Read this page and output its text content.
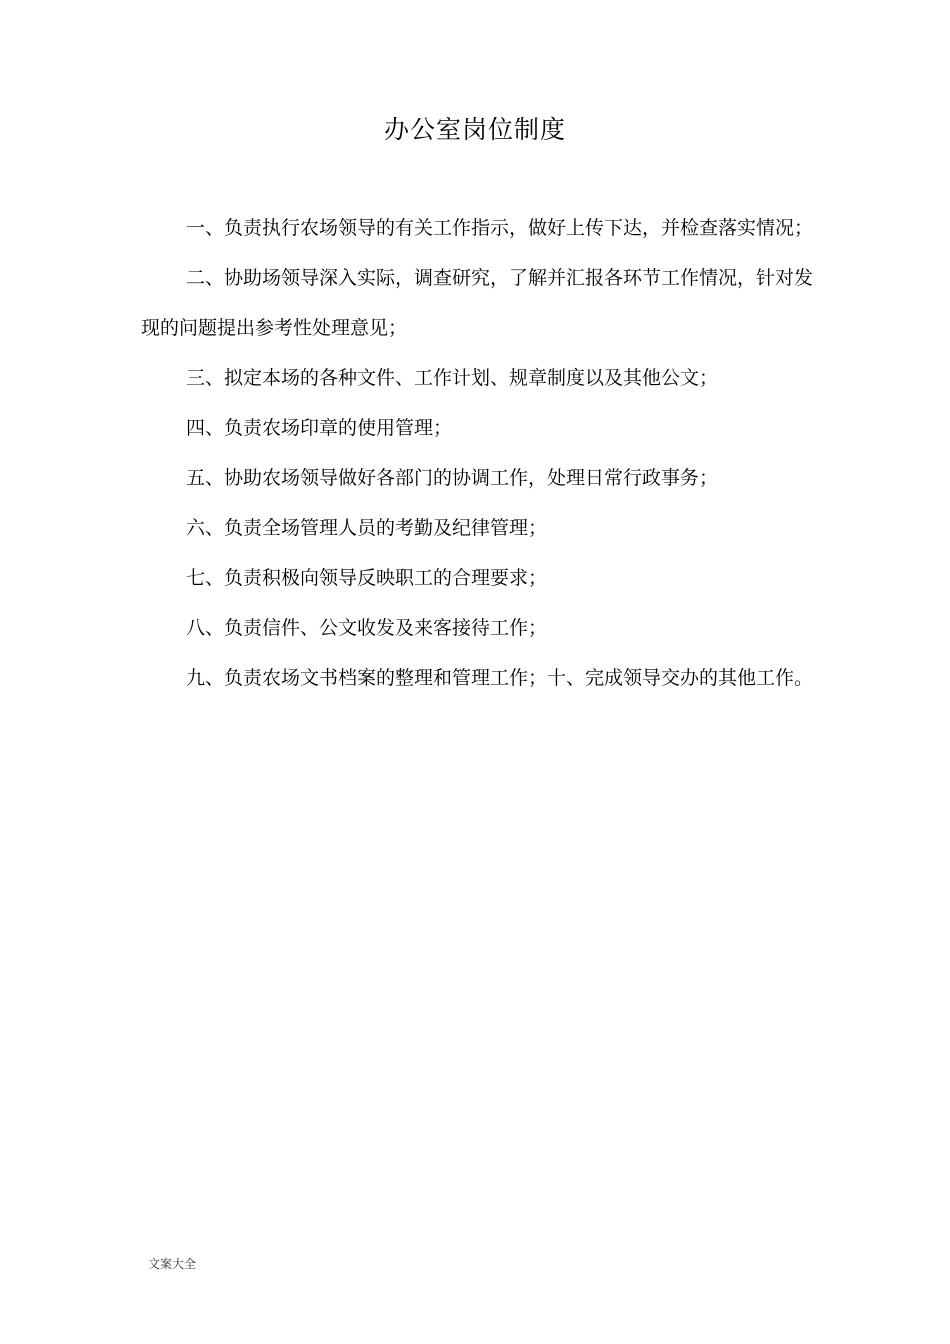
办公室岗位制度

一、负责执行农场领导的有关工作指示，做好上传下达，并检查落实情况；

二、协助场领导深入实际，调查研究，了解并汇报各环节工作情况，针对发现的问题提出参考性处理意见；

三、拟定本场的各种文件、工作计划、规章制度以及其他公文；

四、负责农场印章的使用管理；

五、协助农场领导做好各部门的协调工作，处理日常行政事务；

六、负责全场管理人员的考勤及纪律管理；

七、负责积极向领导反映职工的合理要求；

八、负责信件、公文收发及来客接待工作；

九、负责农场文书档案的整理和管理工作；十、完成领导交办的其他工作。

文案大全
